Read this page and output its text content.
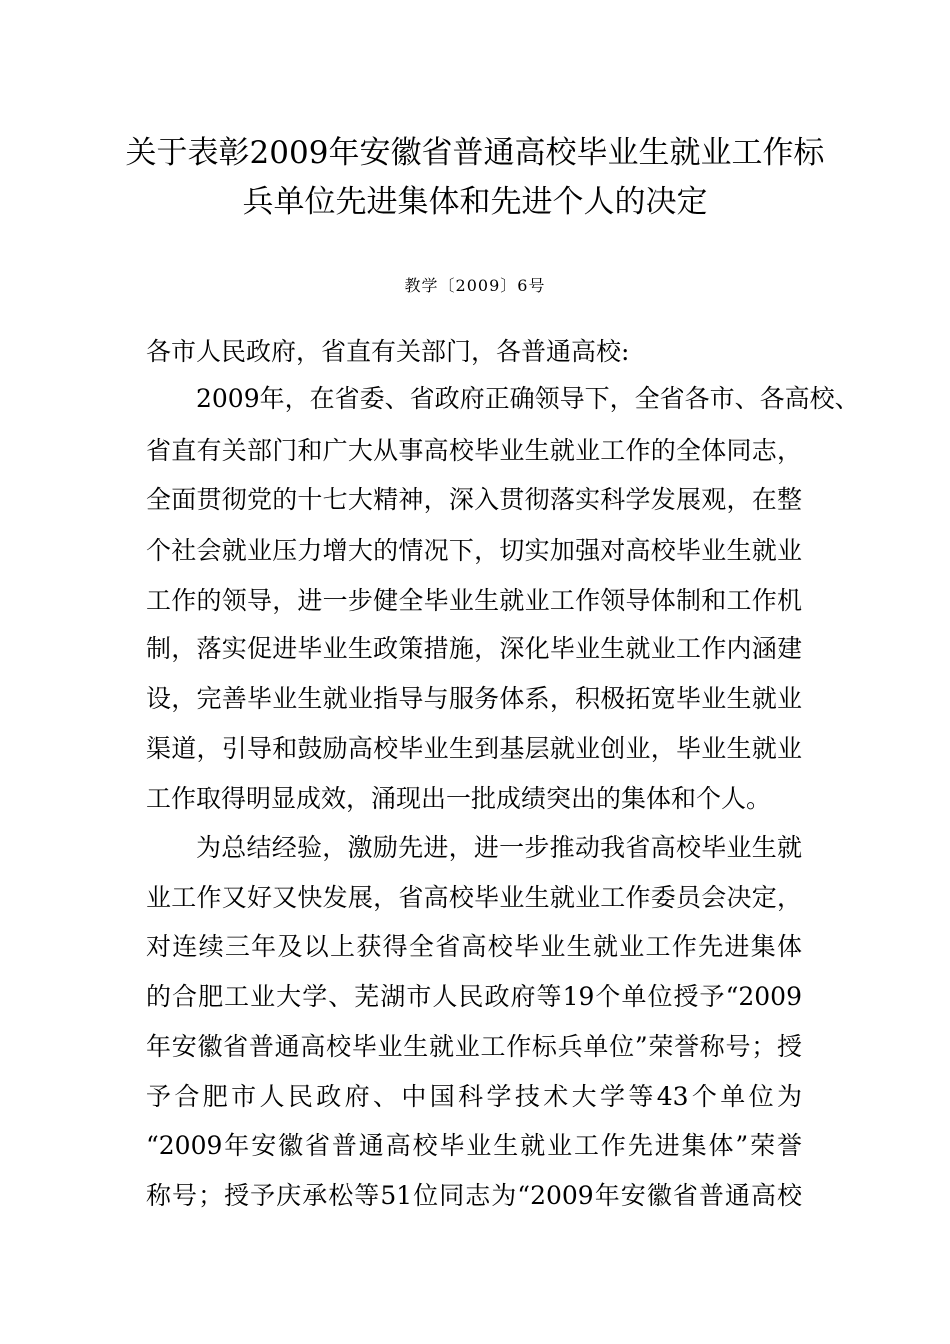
关于表彰2009年安徽省普通高校毕业生就业工作标
兵单位先进集体和先进个人的决定
教学〔2009〕6号
各市人民政府，省直有关部门，各普通高校:
2009年，在省委、省政府正确领导下，全省各市、各高校、
省直有关部门和广大从事高校毕业生就业工作的全体同志，
全面贯彻党的十七大精神，深入贯彻落实科学发展观，在整
个社会就业压力增大的情况下，切实加强对高校毕业生就业
工作的领导，进一步健全毕业生就业工作领导体制和工作机
制，落实促进毕业生政策措施，深化毕业生就业工作内涵建
设，完善毕业生就业指导与服务体系，积极拓宽毕业生就业
渠道，引导和鼓励高校毕业生到基层就业创业，毕业生就业
工作取得明显成效，涌现出一批成绩突出的集体和个人。
为总结经验，激励先进，进一步推动我省高校毕业生就
业工作又好又快发展，省高校毕业生就业工作委员会决定，
对连续三年及以上获得全省高校毕业生就业工作先进集体
的合肥工业大学、芜湖市人民政府等19个单位授予“2009
年安徽省普通高校毕业生就业工作标兵单位”荣誉称号；授
予合肥市人民政府、中国科学技术大学等43个单位为
“2009年安徽省普通高校毕业生就业工作先进集体”荣誉
称号；授予庆承松等51位同志为“2009年安徽省普通高校
